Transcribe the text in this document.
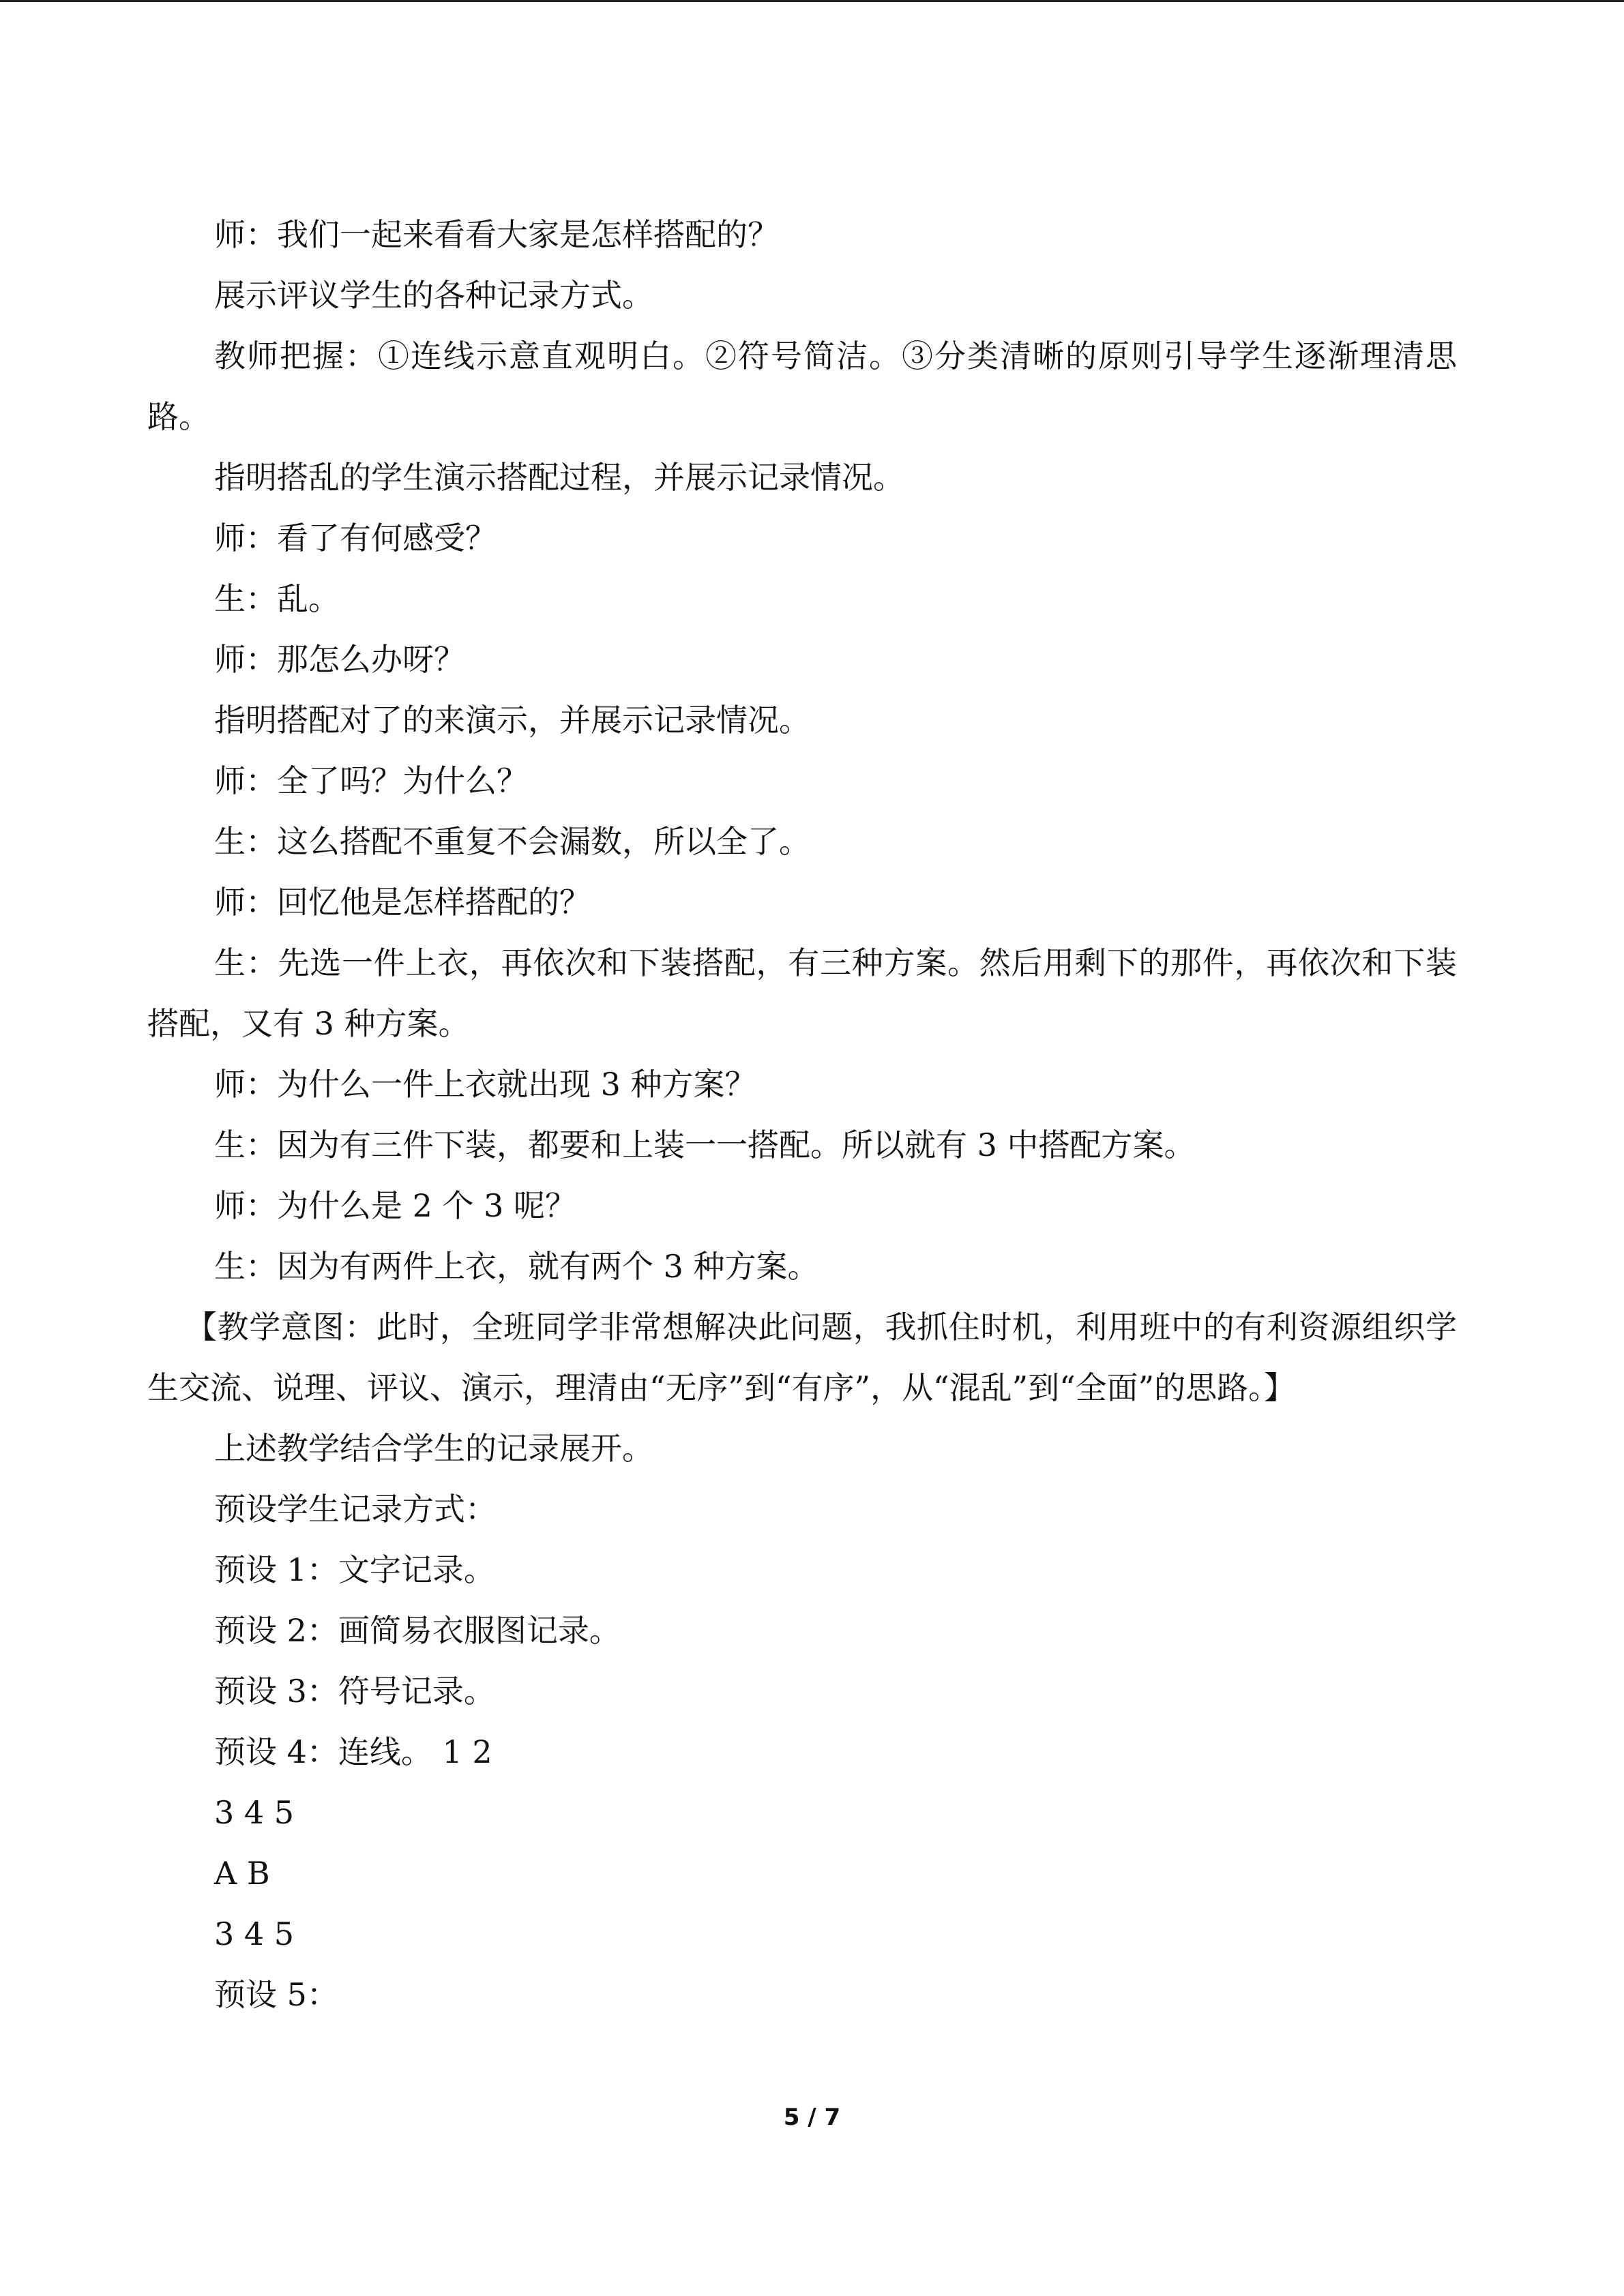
师：我们一起来看看大家是怎样搭配的？
展示评议学生的各种记录方式。
教师把握：①连线示意直观明白。②符号简洁。③分类清晰的原则引导学生逐渐理清思路。
指明搭乱的学生演示搭配过程，并展示记录情况。
师：看了有何感受？
生：乱。
师：那怎么办呀？
指明搭配对了的来演示，并展示记录情况。
师：全了吗？为什么？
生：这么搭配不重复不会漏数，所以全了。
师：回忆他是怎样搭配的？
生：先选一件上衣，再依次和下装搭配，有三种方案。然后用剩下的那件，再依次和下装搭配，又有 3 种方案。
师：为什么一件上衣就出现 3 种方案？
生：因为有三件下装，都要和上装一一搭配。所以就有 3 中搭配方案。
师：为什么是 2 个 3 呢？
生：因为有两件上衣，就有两个 3 种方案。
【教学意图：此时，全班同学非常想解决此问题，我抓住时机，利用班中的有利资源组织学生交流、说理、评议、演示，理清由“无序”到“有序”，从“混乱”到“全面”的思路。】
上述教学结合学生的记录展开。
预设学生记录方式：
预设 1：文字记录。
预设 2：画简易衣服图记录。
预设 3：符号记录。
预设 4：连线。 1 2
3 4 5
A B
3 4 5
预设 5：
5 / 7
